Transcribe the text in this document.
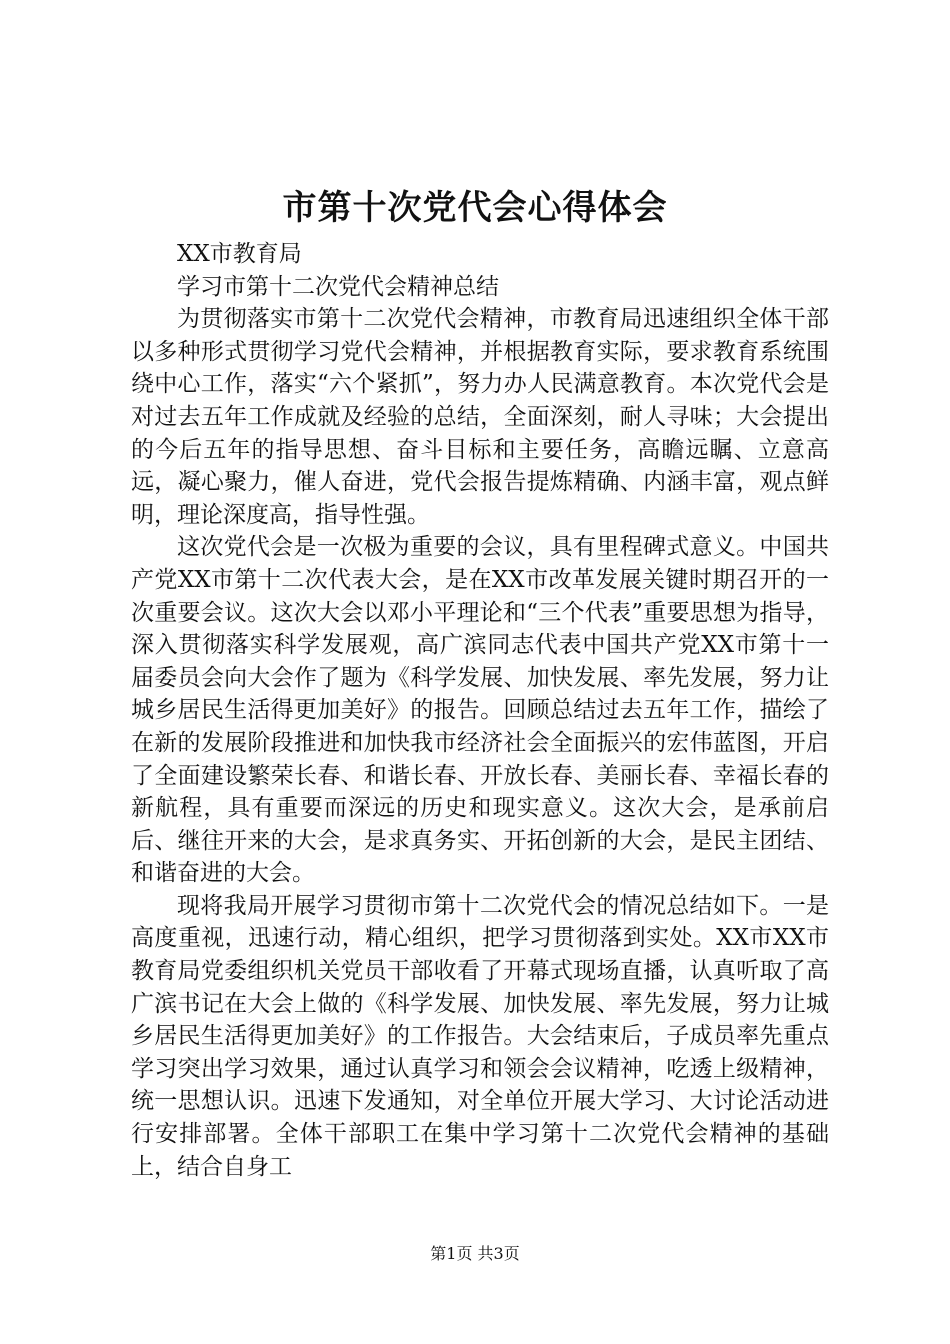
市第十次党代会心得体会

XX市教育局

学习市第十二次党代会精神总结

为贯彻落实市第十二次党代会精神，市教育局迅速组织全体干部以多种形式贯彻学习党代会精神，并根据教育实际，要求教育系统围绕中心工作，落实“六个紧抓”，努力办人民满意教育。本次党代会是对过去五年工作成就及经验的总结，全面深刻，耐人寻味；大会提出的今后五年的指导思想、奋斗目标和主要任务，高瞻远瞩、立意高远，凝心聚力，催人奋进，党代会报告提炼精确、内涵丰富，观点鲜明，理论深度高，指导性强。

这次党代会是一次极为重要的会议，具有里程碑式意义。中国共产党XX市第十二次代表大会，是在XX市改革发展关键时期召开的一次重要会议。这次大会以邓小平理论和“三个代表”重要思想为指导，深入贯彻落实科学发展观，高广滨同志代表中国共产党XX市第十一届委员会向大会作了题为《科学发展、加快发展、率先发展，努力让城乡居民生活得更加美好》的报告。回顾总结过去五年工作，描绘了在新的发展阶段推进和加快我市经济社会全面振兴的宏伟蓝图，开启了全面建设繁荣长春、和谐长春、开放长春、美丽长春、幸福长春的新航程，具有重要而深远的历史和现实意义。这次大会，是承前启后、继往开来的大会，是求真务实、开拓创新的大会，是民主团结、和谐奋进的大会。

现将我局开展学习贯彻市第十二次党代会的情况总结如下。一是高度重视，迅速行动，精心组织，把学习贯彻落到实处。XX市XX市教育局党委组织机关党员干部收看了开幕式现场直播，认真听取了高广滨书记在大会上做的《科学发展、加快发展、率先发展，努力让城乡居民生活得更加美好》的工作报告。大会结束后，子成员率先重点学习突出学习效果，通过认真学习和领会会议精神，吃透上级精神，统一思想认识。迅速下发通知，对全单位开展大学习、大讨论活动进行安排部署。全体干部职工在集中学习第十二次党代会精神的基础上，结合自身工

第1页 共3页
